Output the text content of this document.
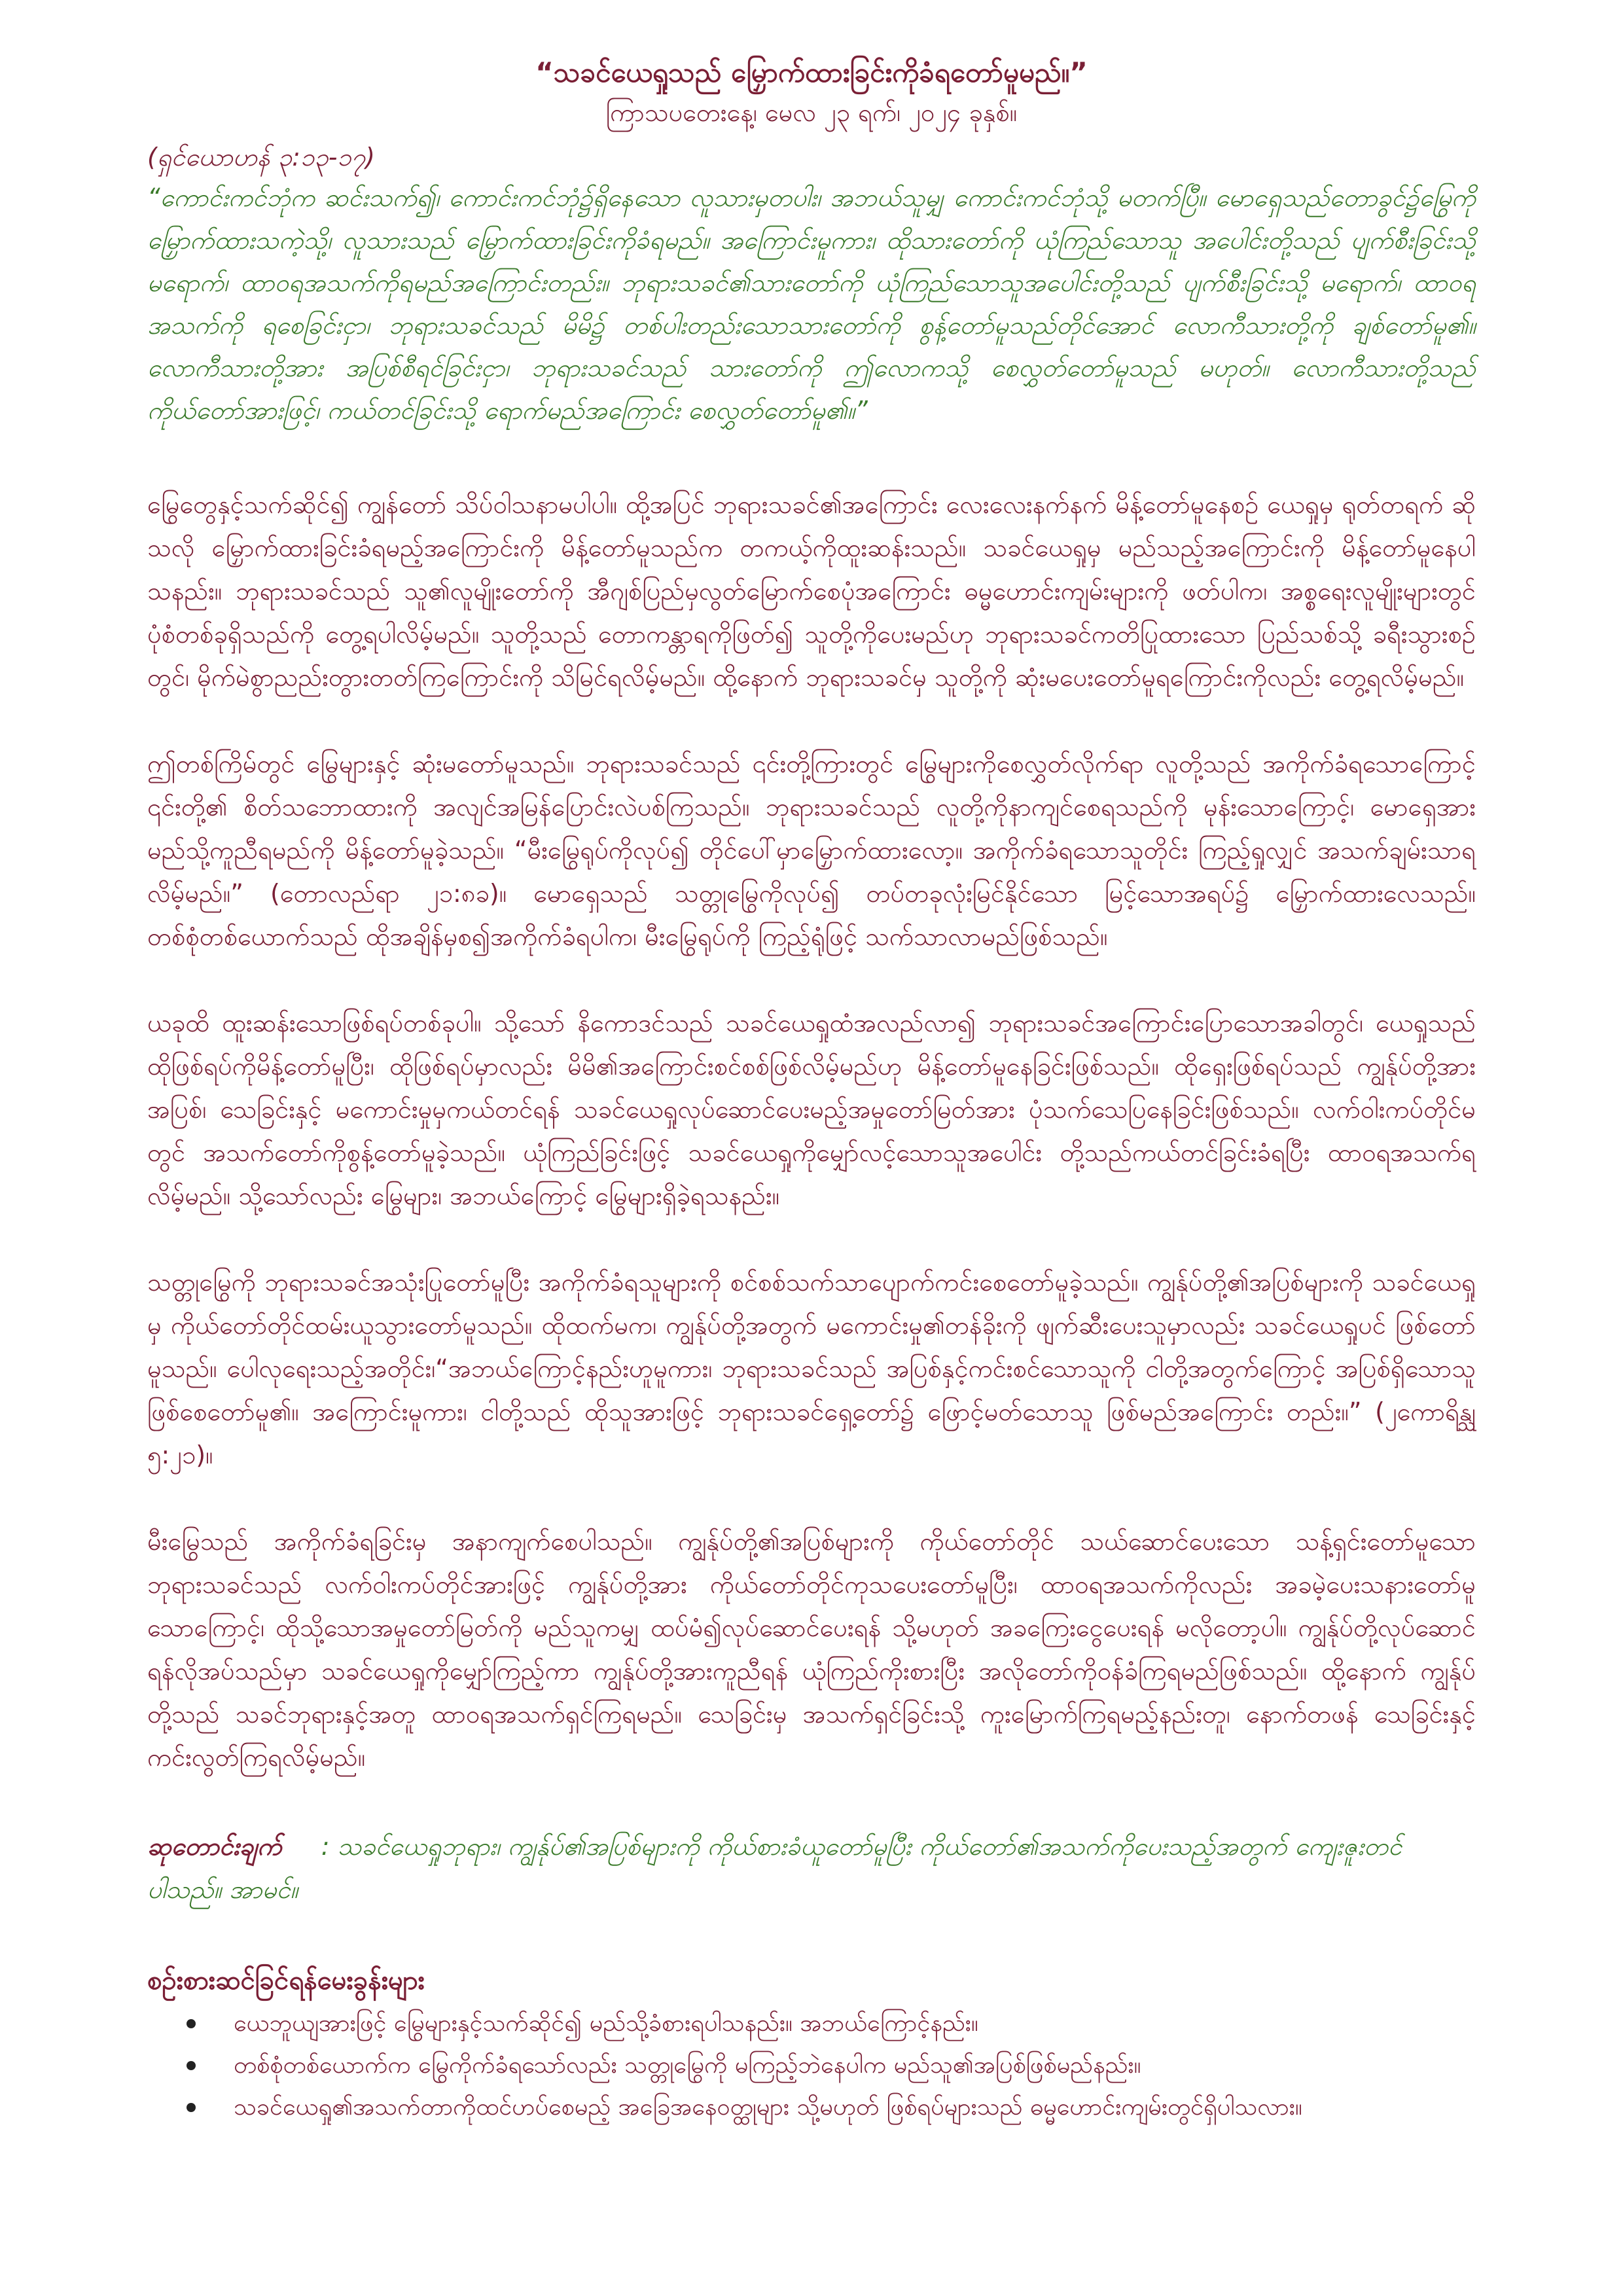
“သခင်ယေရှုသည် မြှောက်ထားခြင်းကိုခံရတော်မူမည်။”

ကြာသပတေးနေ့၊ မေလ ၂၃ ရက်၊ ၂၀၂၄ ခုနှစ်။

(ရှင်ယောဟန် ၃:၁၃-၁၇)

“ကောင်းကင်ဘုံက ဆင်းသက်၍၊ ကောင်းကင်ဘုံ၌ရှိနေသော လူသားမှတပါး၊ အဘယ်သူမျှ ကောင်းကင်ဘုံသို့ မတက်ပြီ။ မောရှေသည်တောခွင်၌မြွေကို မြှောက်ထားသကဲ့သို့၊ လူသားသည် မြှောက်ထားခြင်းကိုခံရမည်။ အကြောင်းမူကား၊ ထိုသားတော်ကို ယုံကြည်သောသူ အပေါင်းတို့သည် ပျက်စီးခြင်းသို့ မရောက်၊ ထာဝရအသက်ကိုရမည်အကြောင်းတည်း။ ဘုရားသခင်၏သားတော်ကို ယုံကြည်သောသူအပေါင်းတို့သည် ပျက်စီးခြင်းသို့ မရောက်၊ ထာဝရအသက်ကို ရစေခြင်းငှာ၊ ဘုရားသခင်သည် မိမိ၌ တစ်ပါးတည်းသောသားတော်ကို စွန့်တော်မူသည်တိုင်အောင် လောကီသားတို့ကို ချစ်တော်မူ၏။ လောကီသားတို့အား အပြစ်စီရင်ခြင်းငှာ၊ ဘုရားသခင်သည် သားတော်ကို ဤလောကသို့ စေလွှတ်တော်မူသည် မဟုတ်။ လောကီသားတို့သည် ကိုယ်တော်အားဖြင့်၊ ကယ်တင်ခြင်းသို့ ရောက်မည်အကြောင်း စေလွှတ်တော်မူ၏။”

မြွေတွေနှင့်သက်ဆိုင်၍ ကျွန်တော် သိပ်ဝါသနာမပါပါ။ ထို့အပြင် ဘုရားသခင်၏အကြောင်း လေးလေးနက်နက် မိန့်တော်မူနေစဉ် ယေရှုမှ ရုတ်တရက် ဆိုသလို မြှောက်ထားခြင်းခံရမည့်အကြောင်းကို မိန့်တော်မူသည်က တကယ့်ကိုထူးဆန်းသည်။ သခင်ယေရှုမှ မည်သည့်အကြောင်းကို မိန့်တော်မူနေပါသနည်း။ ဘုရားသခင်သည် သူ၏လူမျိုးတော်ကို အီဂျစ်ပြည်မှလွတ်မြောက်စေပုံအကြောင်း ဓမ္မဟောင်းကျမ်းများကို ဖတ်ပါက၊ အစ္စရေးလူမျိုးများတွင် ပုံစံတစ်ခုရှိသည်ကို တွေ့ရပါလိမ့်မည်။ သူတို့သည် တောကန္တာရကိုဖြတ်၍ သူတို့ကိုပေးမည်ဟု ဘုရားသခင်ကတိပြုထားသော ပြည်သစ်သို့ ခရီးသွားစဉ်တွင်၊ မိုက်မဲစွာညည်းတွားတတ်ကြကြောင်းကို သိမြင်ရလိမ့်မည်။ ထို့နောက် ဘုရားသခင်မှ သူတို့ကို ဆုံးမပေးတော်မူရကြောင်းကိုလည်း တွေ့ရလိမ့်မည်။

ဤတစ်ကြိမ်တွင် မြွေများနှင့် ဆုံးမတော်မူသည်။ ဘုရားသခင်သည် ၎င်းတို့ကြားတွင် မြွေများကိုစေလွှတ်လိုက်ရာ လူတို့သည် အကိုက်ခံရသောကြောင့် ၎င်းတို့၏ စိတ်သဘောထားကို အလျင်အမြန်ပြောင်းလဲပစ်ကြသည်။ ဘုရားသခင်သည် လူတို့ကိုနာကျင်စေရသည်ကို မုန်းသောကြောင့်၊ မောရှေအား မည်သို့ကူညီရမည်ကို မိန့်တော်မူခဲ့သည်။ “မီးမြွေရုပ်ကိုလုပ်၍ တိုင်ပေါ်မှာမြှောက်ထားလော့။ အကိုက်ခံရသောသူတိုင်း ကြည့်ရှုလျှင် အသက်ချမ်းသာရလိမ့်မည်။” (တောလည်ရာ ၂၁:၈ခ)။ မောရှေသည် သတ္တုမြွေကိုလုပ်၍ တပ်တခုလုံးမြင်နိုင်သော မြင့်သောအရပ်၌ မြှောက်ထားလေသည်။ တစ်စုံတစ်ယောက်သည် ထိုအချိန်မှစ၍အကိုက်ခံရပါက၊ မီးမြွေရုပ်ကို ကြည့်ရုံဖြင့် သက်သာလာမည်ဖြစ်သည်။

ယခုထိ ထူးဆန်းသောဖြစ်ရပ်တစ်ခုပါ။ သို့သော် နိကောဒင်သည် သခင်ယေရှုထံအလည်လာ၍ ဘုရားသခင်အကြောင်းပြောသောအခါတွင်၊ ယေရှုသည် ထိုဖြစ်ရပ်ကိုမိန့်တော်မူပြီး၊ ထိုဖြစ်ရပ်မှာလည်း မိမိ၏အကြောင်းစင်စစ်ဖြစ်လိမ့်မည်ဟု မိန့်တော်မူနေခြင်းဖြစ်သည်။ ထိုရှေးဖြစ်ရပ်သည် ကျွန်ုပ်တို့အား အပြစ်၊ သေခြင်းနှင့် မကောင်းမှုမှကယ်တင်ရန် သခင်ယေရှုလုပ်ဆောင်ပေးမည့်အမှုတော်မြတ်အား ပုံသက်သေပြနေခြင်းဖြစ်သည်။ လက်ဝါးကပ်တိုင်မတွင် အသက်တော်ကိုစွန့်တော်မူခဲ့သည်။ ယုံကြည်ခြင်းဖြင့် သခင်ယေရှုကိုမျှော်လင့်သောသူအပေါင်း တို့သည်ကယ်တင်ခြင်းခံရပြီး ထာဝရအသက်ရလိမ့်မည်။ သို့သော်လည်း မြွေများ၊ အဘယ်ကြောင့် မြွေများရှိခဲ့ရသနည်း။

သတ္တုမြွေကို ဘုရားသခင်အသုံးပြုတော်မူပြီး အကိုက်ခံရသူများကို စင်စစ်သက်သာပျောက်ကင်းစေတော်မူခဲ့သည်။ ကျွန်ုပ်တို့၏အပြစ်များကို သခင်ယေရှုမှ ကိုယ်တော်တိုင်ထမ်းယူသွားတော်မူသည်။ ထိုထက်မက၊ ကျွန်ုပ်တို့အတွက် မကောင်းမှု၏တန်ခိုးကို ဖျက်ဆီးပေးသူမှာလည်း သခင်ယေရှုပင် ဖြစ်တော်မူသည်။ ပေါလုရေးသည့်အတိုင်း၊“အဘယ်ကြောင့်နည်းဟူမူကား၊ ဘုရားသခင်သည် အပြစ်နှင့်ကင်းစင်သောသူကို ငါတို့အတွက်ကြောင့် အပြစ်ရှိသောသူ ဖြစ်စေတော်မူ၏။ အကြောင်းမူကား၊ ငါတို့သည် ထိုသူအားဖြင့် ဘုရားသခင်ရှေ့တော်၌ ဖြောင့်မတ်သောသူ ဖြစ်မည်အကြောင်း တည်း။” (၂ကောရိန္သု ၅:၂၁)။

မီးမြွေသည် အကိုက်ခံရခြင်းမှ အနာကျက်စေပါသည်။ ကျွန်ုပ်တို့၏အပြစ်များကို ကိုယ်တော်တိုင် သယ်ဆောင်ပေးသော သန့်ရှင်းတော်မူသော ဘုရားသခင်သည် လက်ဝါးကပ်တိုင်အားဖြင့် ကျွန်ုပ်တို့အား ကိုယ်တော်တိုင်ကုသပေးတော်မူပြီး၊ ထာဝရအသက်ကိုလည်း အခမဲ့ပေးသနားတော်မူသောကြောင့်၊ ထိုသို့သောအမှုတော်မြတ်ကို မည်သူကမျှ ထပ်မံ၍လုပ်ဆောင်ပေးရန် သို့မဟုတ် အခကြေးငွေပေးရန် မလိုတော့ပါ။ ကျွန်ုပ်တို့လုပ်ဆောင်ရန်လိုအပ်သည်မှာ သခင်ယေရှုကိုမျှော်ကြည့်ကာ ကျွန်ုပ်တို့အားကူညီရန် ယုံကြည်ကိုးစားပြီး အလိုတော်ကိုဝန်ခံကြရမည်ဖြစ်သည်။ ထို့နောက် ကျွန်ုပ်တို့သည် သခင်ဘုရားနှင့်အတူ ထာဝရအသက်ရှင်ကြရမည်။ သေခြင်းမှ အသက်ရှင်ခြင်းသို့ ကူးမြောက်ကြရမည့်နည်းတူ၊ နောက်တဖန် သေခြင်းနှင့်ကင်းလွတ်ကြရလိမ့်မည်။

ဆုတောင်းချက် : သခင်ယေရှုဘုရား၊ ကျွန်ုပ်၏အပြစ်များကို ကိုယ်စားခံယူတော်မူပြီး ကိုယ်တော်၏အသက်ကိုပေးသည့်အတွက် ကျေးဇူးတင်ပါသည်။ အာမင်။

စဉ်းစားဆင်ခြင်ရန်မေးခွန်းများ
ယေဘူယျအားဖြင့် မြွေများနှင့်သက်ဆိုင်၍ မည်သို့ခံစားရပါသနည်း။ အဘယ်ကြောင့်နည်း။
တစ်စုံတစ်ယောက်က မြွေကိုက်ခံရသော်လည်း သတ္တုမြွေကို မကြည့်ဘဲနေပါက မည်သူ၏အပြစ်ဖြစ်မည်နည်း။
သခင်ယေရှု၏အသက်တာကိုထင်ဟပ်စေမည့် အခြေအနေဝတ္ထုများ သို့မဟုတ် ဖြစ်ရပ်များသည် ဓမ္မဟောင်းကျမ်းတွင်ရှိပါသလား။
